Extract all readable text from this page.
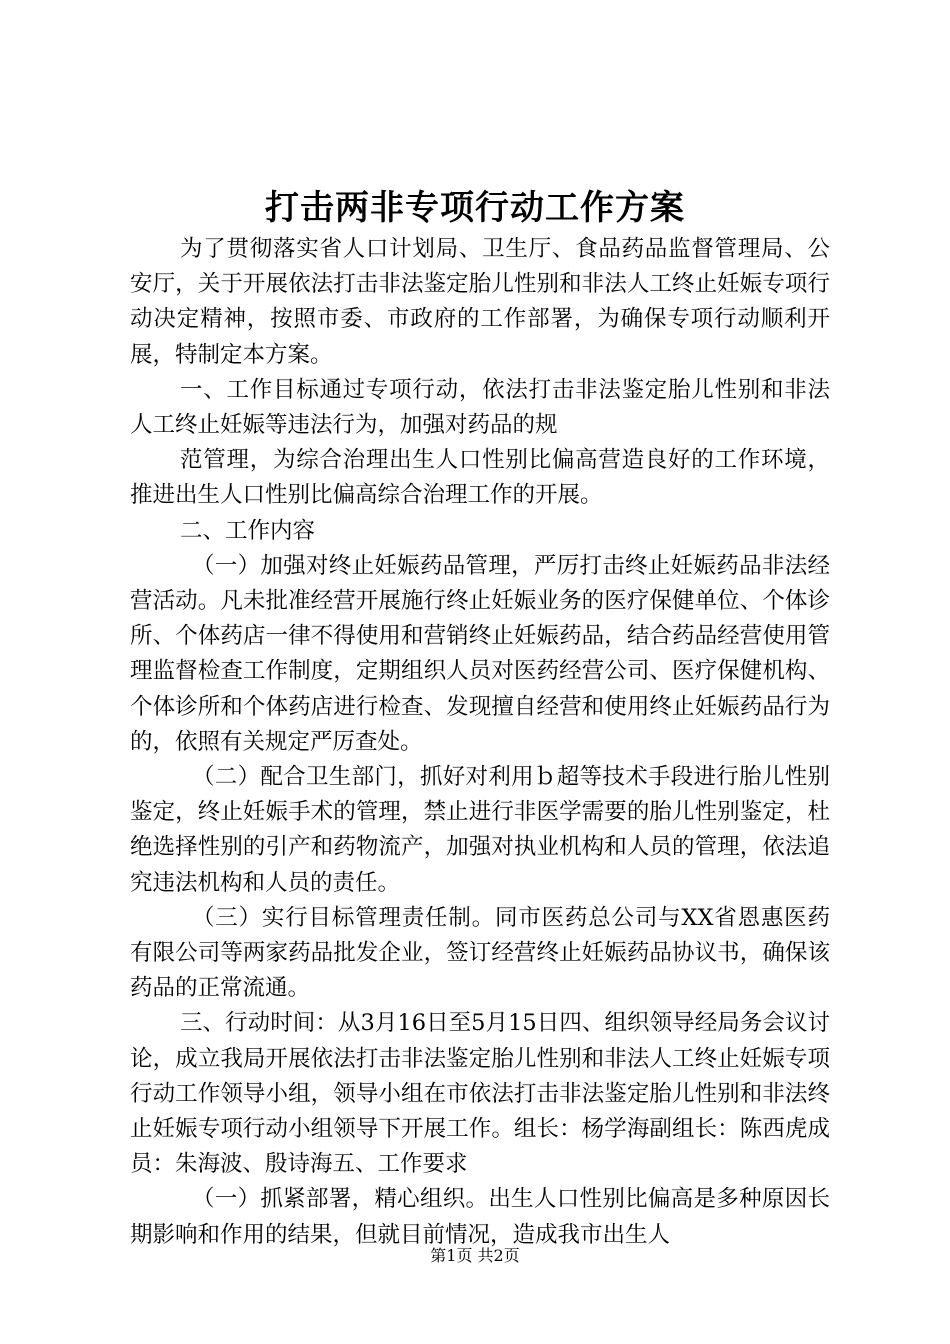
打击两非专项行动工作方案

为了贯彻落实省人口计划局、卫生厅、食品药品监督管理局、公安厅，关于开展依法打击非法鉴定胎儿性别和非法人工终止妊娠专项行动决定精神，按照市委、市政府的工作部署，为确保专项行动顺利开展，特制定本方案。

一、工作目标通过专项行动，依法打击非法鉴定胎儿性别和非法人工终止妊娠等违法行为，加强对药品的规

范管理，为综合治理出生人口性别比偏高营造良好的工作环境，推进出生人口性别比偏高综合治理工作的开展。

二、工作内容

（一）加强对终止妊娠药品管理，严厉打击终止妊娠药品非法经营活动。凡未批准经营开展施行终止妊娠业务的医疗保健单位、个体诊所、个体药店一律不得使用和营销终止妊娠药品，结合药品经营使用管理监督检查工作制度，定期组织人员对医药经营公司、医疗保健机构、个体诊所和个体药店进行检查、发现擅自经营和使用终止妊娠药品行为的，依照有关规定严厉查处。

（二）配合卫生部门，抓好对利用ｂ超等技术手段进行胎儿性别鉴定，终止妊娠手术的管理，禁止进行非医学需要的胎儿性别鉴定，杜绝选择性别的引产和药物流产，加强对执业机构和人员的管理，依法追究违法机构和人员的责任。

（三）实行目标管理责任制。同市医药总公司与XX省恩惠医药有限公司等两家药品批发企业，签订经营终止妊娠药品协议书，确保该药品的正常流通。

三、行动时间：从3月16日至5月15日四、组织领导经局务会议讨论，成立我局开展依法打击非法鉴定胎儿性别和非法人工终止妊娠专项行动工作领导小组，领导小组在市依法打击非法鉴定胎儿性别和非法终止妊娠专项行动小组领导下开展工作。组长：杨学海副组长：陈西虎成员：朱海波、殷诗海五、工作要求

（一）抓紧部署，精心组织。出生人口性别比偏高是多种原因长期影响和作用的结果，但就目前情况，造成我市出生人

第1页 共2页
